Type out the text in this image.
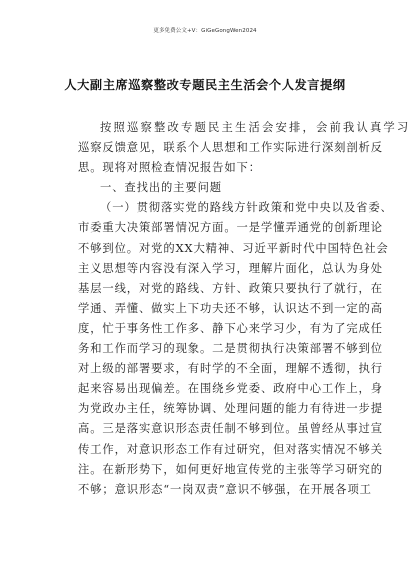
更多免费公文+V：GiGeGongWen2024
人大副主席巡察整改专题民主生活会个人发言提纲
按照巡察整改专题民主生活会安排，会前我认真学习
巡察反馈意见，联系个人思想和工作实际进行深刻剖析反
思。现将对照检查情况报告如下：
一、查找出的主要问题
（一）贯彻落实党的路线方针政策和党中央以及省委、
市委重大决策部署情况方面。一是学懂弄通党的创新理论
不够到位。对党的XX大精神、习近平新时代中国特色社会
主义思想等内容没有深入学习，理解片面化，总认为身处
基层一线，对党的路线、方针、政策只要执行了就行，在
学通、弄懂、做实上下功夫还不够，认识达不到一定的高
度，忙于事务性工作多、静下心来学习少，有为了完成任
务和工作而学习的现象。二是贯彻执行决策部署不够到位
对上级的部署要求，有时学的不全面，理解不透彻，执行
起来容易出现偏差。在围绕乡党委、政府中心工作上，身
为党政办主任，统筹协调、处理问题的能力有待进一步提
高。三是落实意识形态责任制不够到位。虽曾经从事过宣
传工作，对意识形态工作有过研究，但对落实情况不够关
注。在新形势下，如何更好地宣传党的主张等学习研究的
不够；意识形态“一岗双责”意识不够强，在开展各项工
